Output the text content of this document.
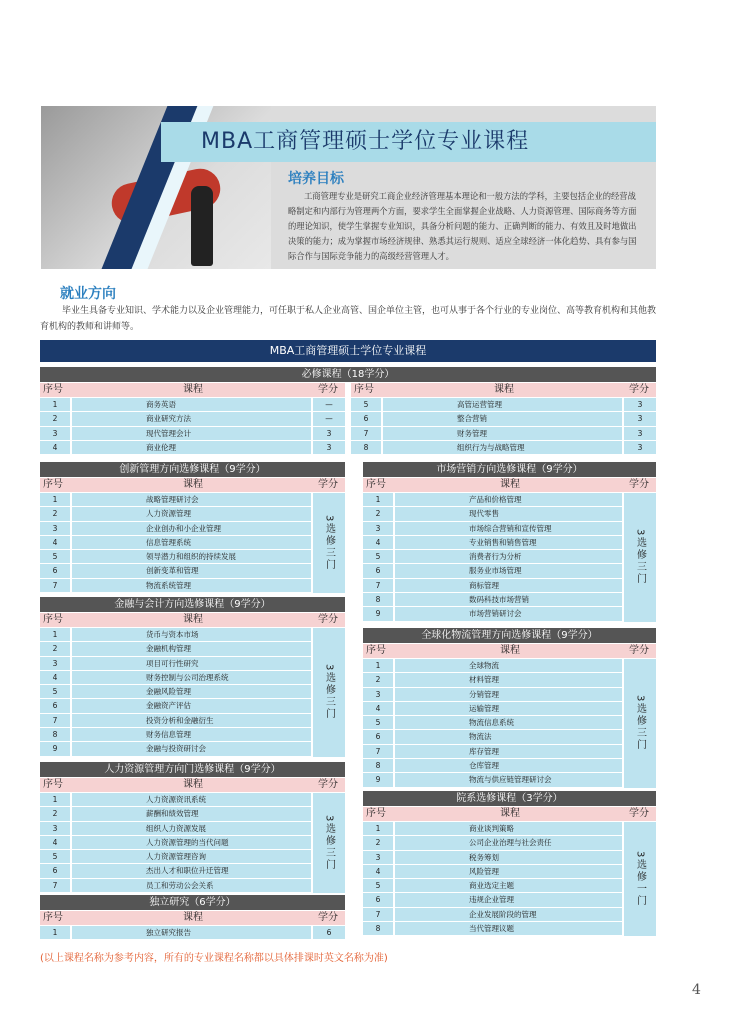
MBA工商管理硕士学位专业课程
培养目标
工商管理专业是研究工商企业经济管理基本理论和一般方法的学科，主要包括企业的经营战略制定和内部行为管理两个方面，要求学生全面掌握企业战略、人力资源管理、国际商务等方面的理论知识，使学生掌握专业知识，具备分析问题的能力、正确判断的能力、有效且及时地做出决策的能力；成为掌握市场经济规律、熟悉其运行规则、适应全球经济一体化趋势、具有参与国际合作与国际竞争能力的高级经营管理人才。
就业方向
毕业生具备专业知识、学术能力以及企业管理能力，可任职于私人企业高管、国企单位主管，也可从事于各个行业的专业岗位、高等教育机构和其他教育机构的教师和讲师等。
MBA工商管理硕士学位专业课程
必修课程（18学分）
序号	课程	学分
1	商务英语	—
2	商业研究方法	—
3	现代管理会计	3
4	商业伦理	3
序号	课程	学分
5	高管运营管理	3
6	整合营销	3
7	财务管理	3
8	组织行为与战略管理	3
创新管理方向选修课程（9学分）
序号	课程	学分
1	战略管理研讨会
2	人力资源管理
3	企业创办和小企业管理
4	信息管理系统
5	领导潜力和组织的持续发展
6	创新变革和管理
7	物流系统管理
3选修三门
金融与会计方向选修课程（9学分）
序号	课程	学分
1	货币与资本市场
2	金融机构管理
3	项目可行性研究
4	财务控制与公司治理系统
5	金融风险管理
6	金融资产评估
7	投资分析和金融衍生
8	财务信息管理
9	金融与投资研讨会
3选修三门
人力资源管理方向门选修课程（9学分）
序号	课程	学分
1	人力资源资讯系统
2	薪酬和绩效管理
3	组织人力资源发展
4	人力资源管理的当代问题
5	人力资源管理咨询
6	杰出人才和职位升迁管理
7	员工和劳动公会关系
3选修三门
独立研究（6学分）
序号	课程	学分
1	独立研究报告	6
市场营销方向选修课程（9学分）
序号	课程	学分
1	产品和价格管理
2	现代零售
3	市场综合营销和宣传管理
4	专业销售和销售管理
5	消费者行为分析
6	服务业市场管理
7	商标管理
8	数码科技市场营销
9	市场营销研讨会
3选修三门
全球化物流管理方向选修课程（9学分）
序号	课程	学分
1	全球物流
2	材料管理
3	分销管理
4	运输管理
5	物流信息系统
6	物流法
7	库存管理
8	仓库管理
9	物流与供应链管理研讨会
3选修三门
院系选修课程（3学分）
序号	课程	学分
1	商业谈判策略
2	公司企业治理与社会责任
3	税务筹划
4	风险管理
5	商业选定主题
6	违规企业管理
7	企业发展阶段的管理
8	当代管理议题
3选修一门
(以上课程名称为参考内容，所有的专业课程名称都以具体排课时英文名称为准)
4
